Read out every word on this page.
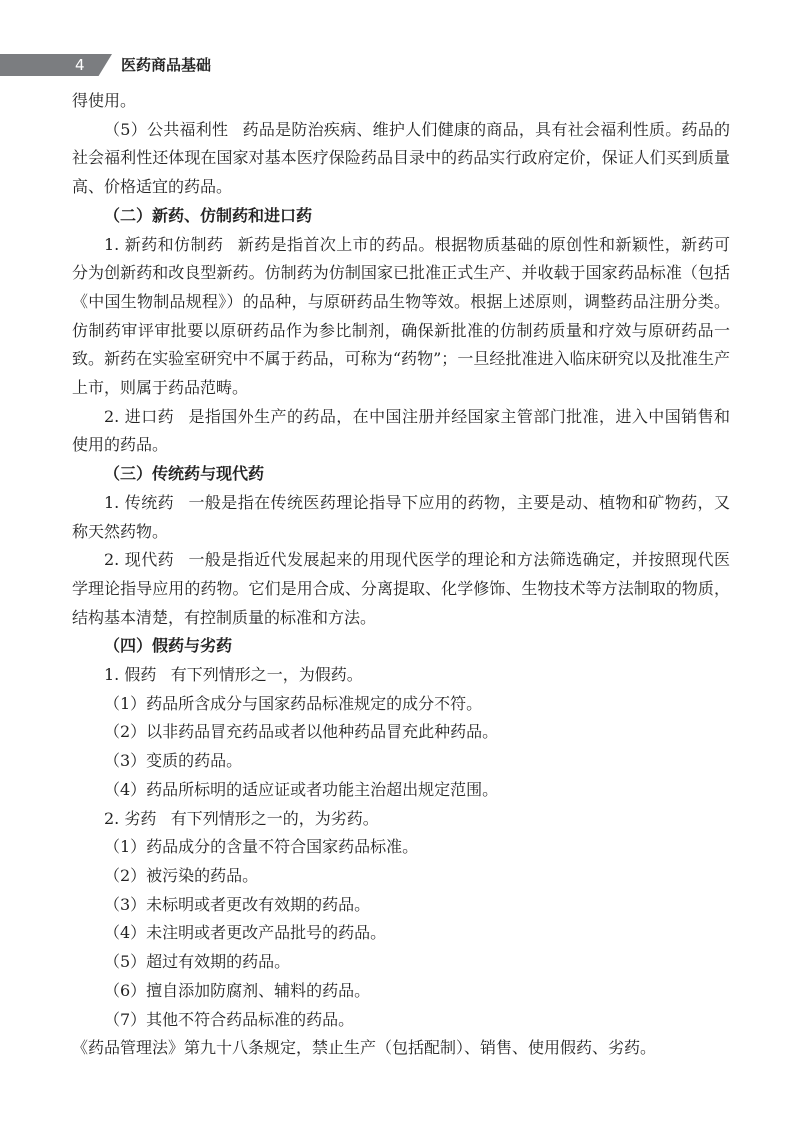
4 医药商品基础

得使用。

（5）公共福利性 药品是防治疾病、维护人们健康的商品，具有社会福利性质。药品的社会福利性还体现在国家对基本医疗保险药品目录中的药品实行政府定价，保证人们买到质量高、价格适宜的药品。

（二）新药、仿制药和进口药

1. 新药和仿制药 新药是指首次上市的药品。根据物质基础的原创性和新颖性，新药可分为创新药和改良型新药。仿制药为仿制国家已批准正式生产、并收载于国家药品标准（包括《中国生物制品规程》）的品种，与原研药品生物等效。根据上述原则，调整药品注册分类。仿制药审评审批要以原研药品作为参比制剂，确保新批准的仿制药质量和疗效与原研药品一致。新药在实验室研究中不属于药品，可称为“药物”；一旦经批准进入临床研究以及批准生产上市，则属于药品范畴。

2. 进口药 是指国外生产的药品，在中国注册并经国家主管部门批准，进入中国销售和使用的药品。

（三）传统药与现代药

1. 传统药 一般是指在传统医药理论指导下应用的药物，主要是动、植物和矿物药，又称天然药物。

2. 现代药 一般是指近代发展起来的用现代医学的理论和方法筛选确定，并按照现代医学理论指导应用的药物。它们是用合成、分离提取、化学修饰、生物技术等方法制取的物质，结构基本清楚，有控制质量的标准和方法。

（四）假药与劣药

1. 假药 有下列情形之一，为假药。

（1）药品所含成分与国家药品标准规定的成分不符。

（2）以非药品冒充药品或者以他种药品冒充此种药品。

（3）变质的药品。

（4）药品所标明的适应证或者功能主治超出规定范围。

2. 劣药 有下列情形之一的，为劣药。

（1）药品成分的含量不符合国家药品标准。

（2）被污染的药品。

（3）未标明或者更改有效期的药品。

（4）未注明或者更改产品批号的药品。

（5）超过有效期的药品。

（6）擅自添加防腐剂、辅料的药品。

（7）其他不符合药品标准的药品。

《药品管理法》第九十八条规定，禁止生产（包括配制）、销售、使用假药、劣药。
